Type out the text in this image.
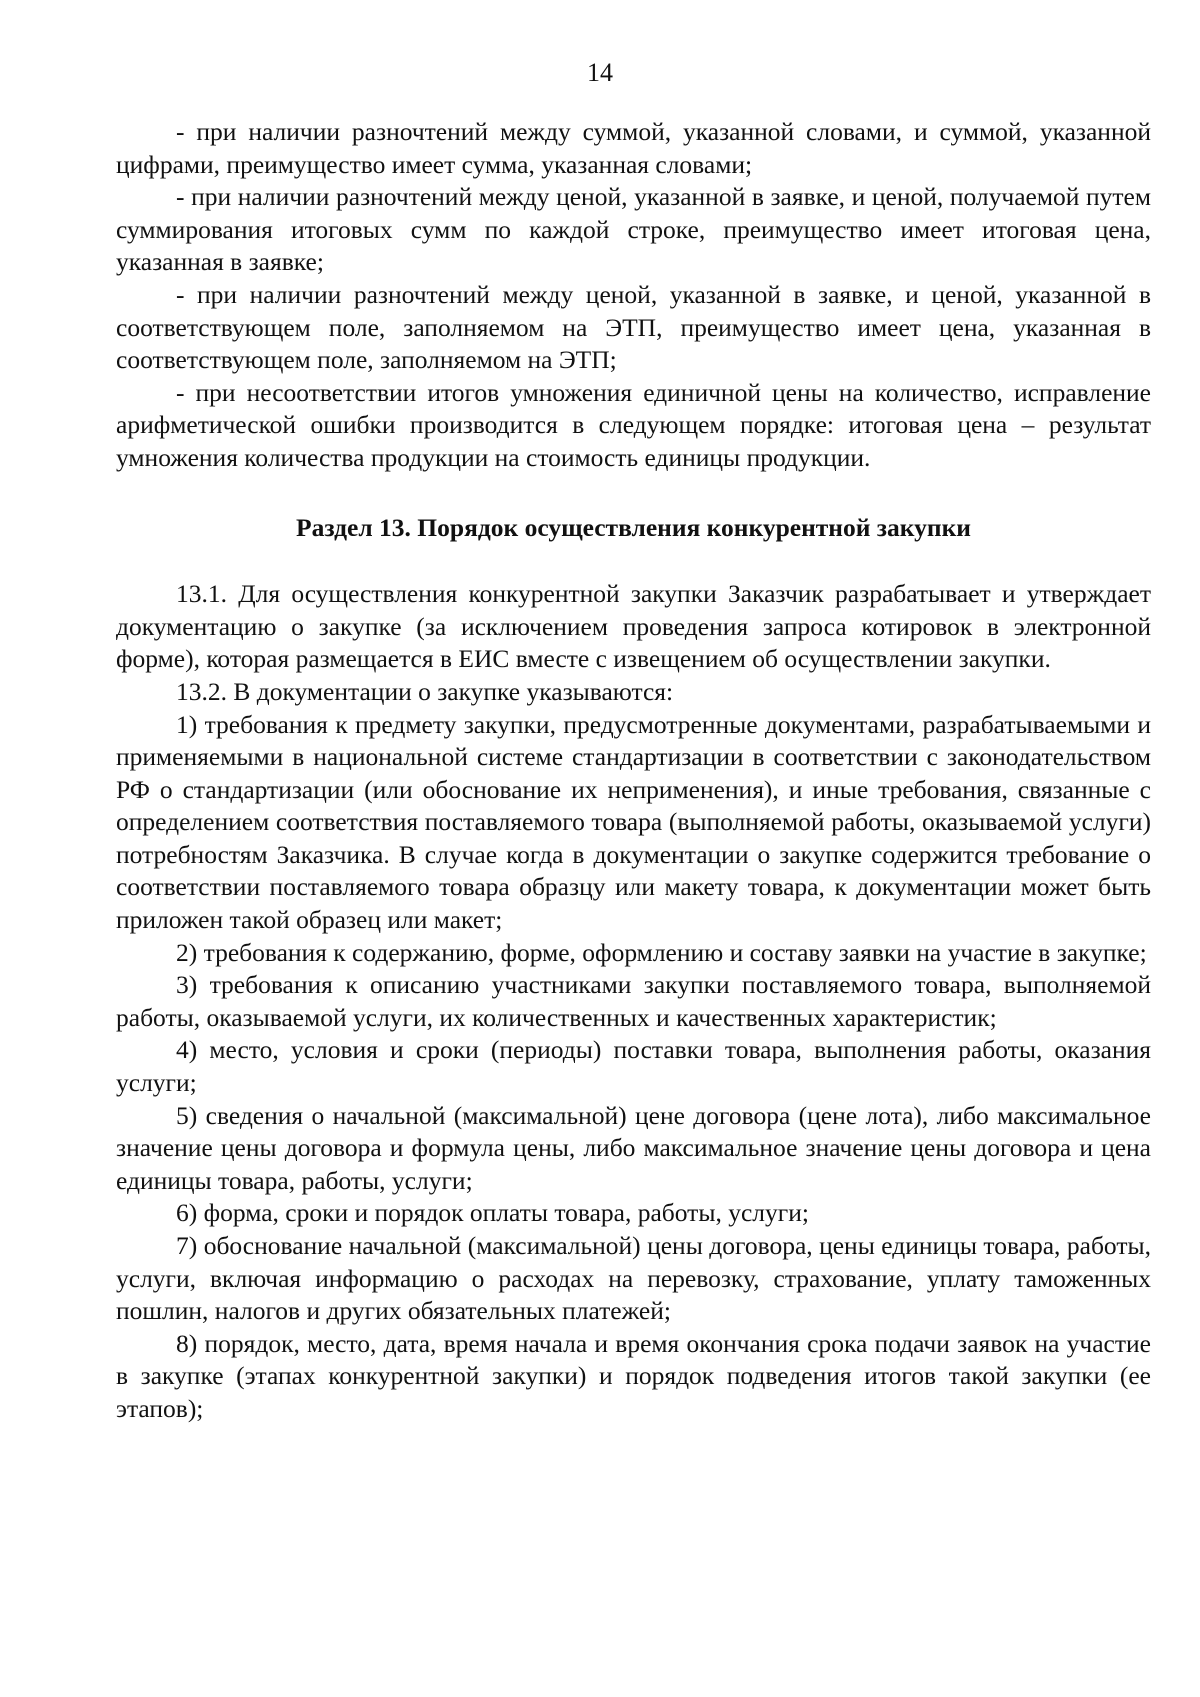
14

- при наличии разночтений между суммой, указанной словами, и суммой, указанной цифрами, преимущество имеет сумма, указанная словами;

- при наличии разночтений между ценой, указанной в заявке, и ценой, получаемой путем суммирования итоговых сумм по каждой строке, преимущество имеет итоговая цена, указанная в заявке;

- при наличии разночтений между ценой, указанной в заявке, и ценой, указанной в соответствующем поле, заполняемом на ЭТП, преимущество имеет цена, указанная в соответствующем поле, заполняемом на ЭТП;

- при несоответствии итогов умножения единичной цены на количество, исправление арифметической ошибки производится в следующем порядке: итоговая цена – результат умножения количества продукции на стоимость единицы продукции.

Раздел 13. Порядок осуществления конкурентной закупки

13.1. Для осуществления конкурентной закупки Заказчик разрабатывает и утверждает документацию о закупке (за исключением проведения запроса котировок в электронной форме), которая размещается в ЕИС вместе с извещением об осуществлении закупки.

13.2. В документации о закупке указываются:

1) требования к предмету закупки, предусмотренные документами, разрабатываемыми и применяемыми в национальной системе стандартизации в соответствии с законодательством РФ о стандартизации (или обоснование их неприменения), и иные требования, связанные с определением соответствия поставляемого товара (выполняемой работы, оказываемой услуги) потребностям Заказчика. В случае когда в документации о закупке содержится требование о соответствии поставляемого товара образцу или макету товара, к документации может быть приложен такой образец или макет;

2) требования к содержанию, форме, оформлению и составу заявки на участие в закупке;

3) требования к описанию участниками закупки поставляемого товара, выполняемой работы, оказываемой услуги, их количественных и качественных характеристик;

4) место, условия и сроки (периоды) поставки товара, выполнения работы, оказания услуги;

5) сведения о начальной (максимальной) цене договора (цене лота), либо максимальное значение цены договора и формула цены, либо максимальное значение цены договора и цена единицы товара, работы, услуги;

6) форма, сроки и порядок оплаты товара, работы, услуги;

7) обоснование начальной (максимальной) цены договора, цены единицы товара, работы, услуги, включая информацию о расходах на перевозку, страхование, уплату таможенных пошлин, налогов и других обязательных платежей;

8) порядок, место, дата, время начала и время окончания срока подачи заявок на участие в закупке (этапах конкурентной закупки) и порядок подведения итогов такой закупки (ее этапов);
